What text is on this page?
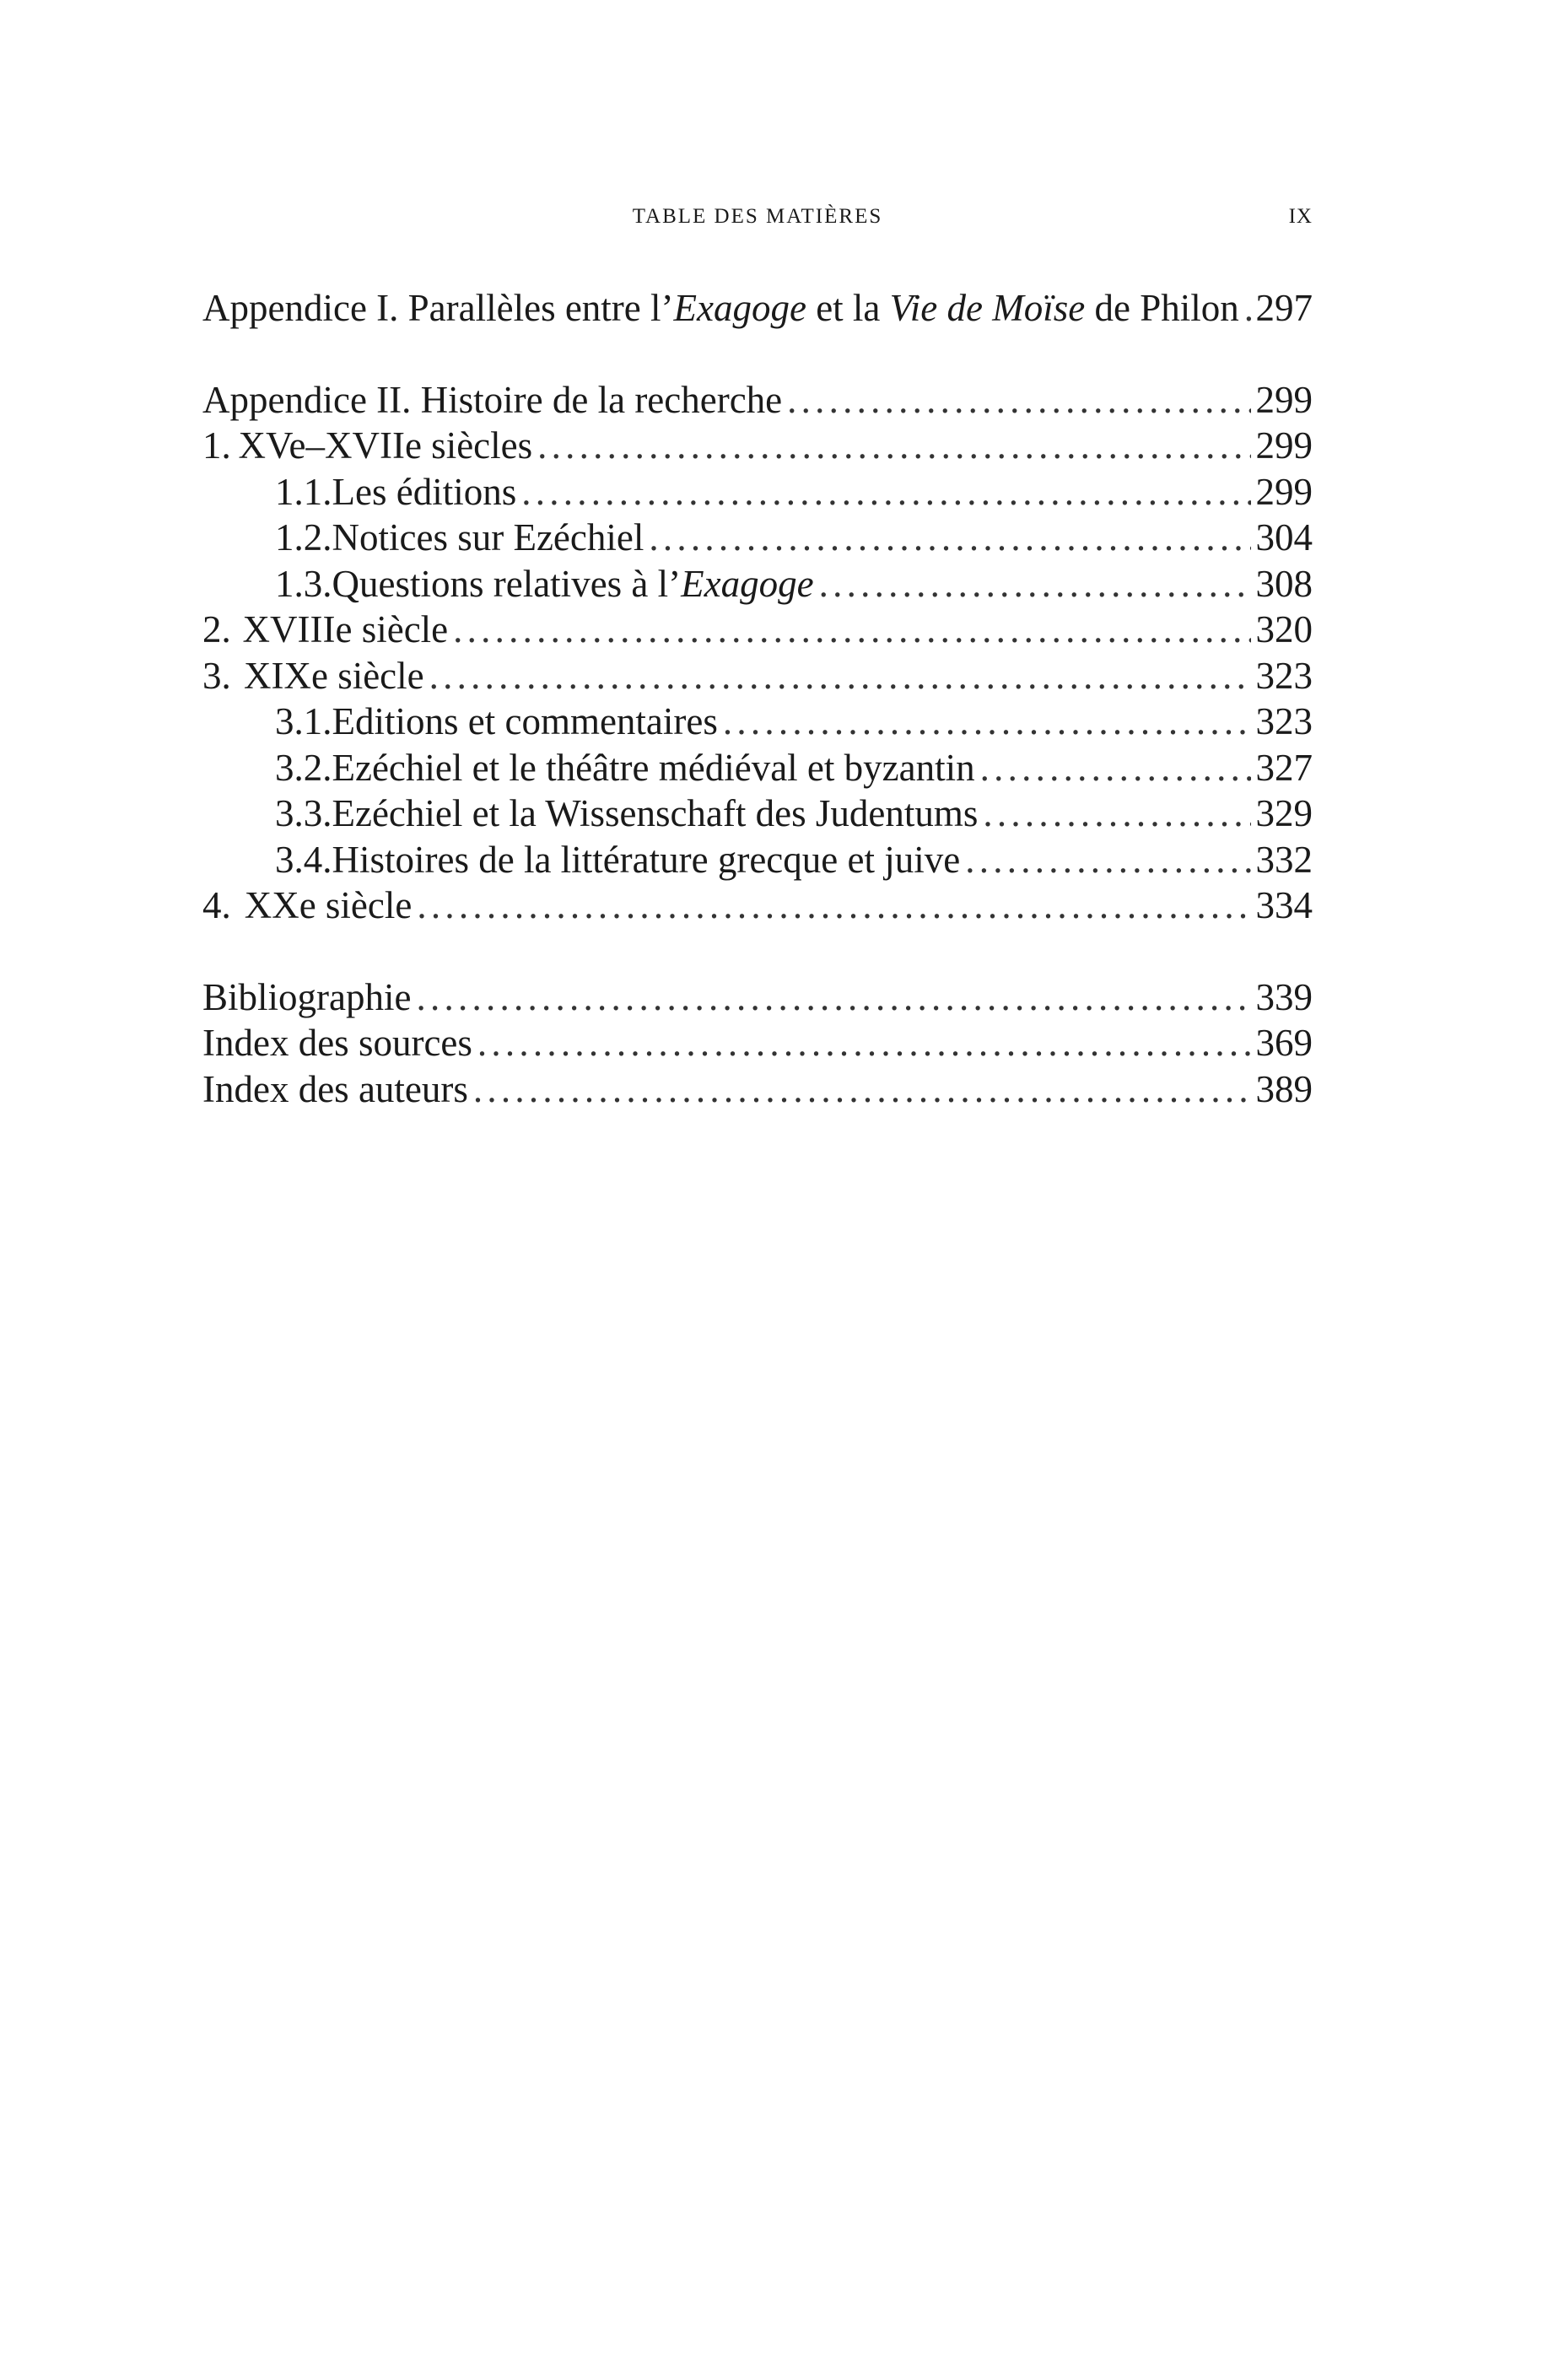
TABLE DES MATIÈRES	IX
Appendice I. Parallèles entre l’Exagoge et la Vie de Moïse de Philon . . . 297
Appendice II. Histoire de la recherche . . .	299
1. XVe–XVIIe siècles . . .	299
1.1. Les éditions . . .	299
1.2. Notices sur Ezéchiel . . .	304
1.3. Questions relatives à l’Exagoge . . .	308
2. XVIIIe siècle . . .	320
3. XIXe siècle . . .	323
3.1. Editions et commentaires . . .	323
3.2. Ezéchiel et le théâtre médiéval et byzantin . . .	327
3.3. Ezéchiel et la Wissenschaft des Judentums . . .	329
3.4. Histoires de la littérature grecque et juive . . .	332
4. XXe siècle . . .	334
Bibliographie . . .	339
Index des sources . . .	369
Index des auteurs . . .	389
